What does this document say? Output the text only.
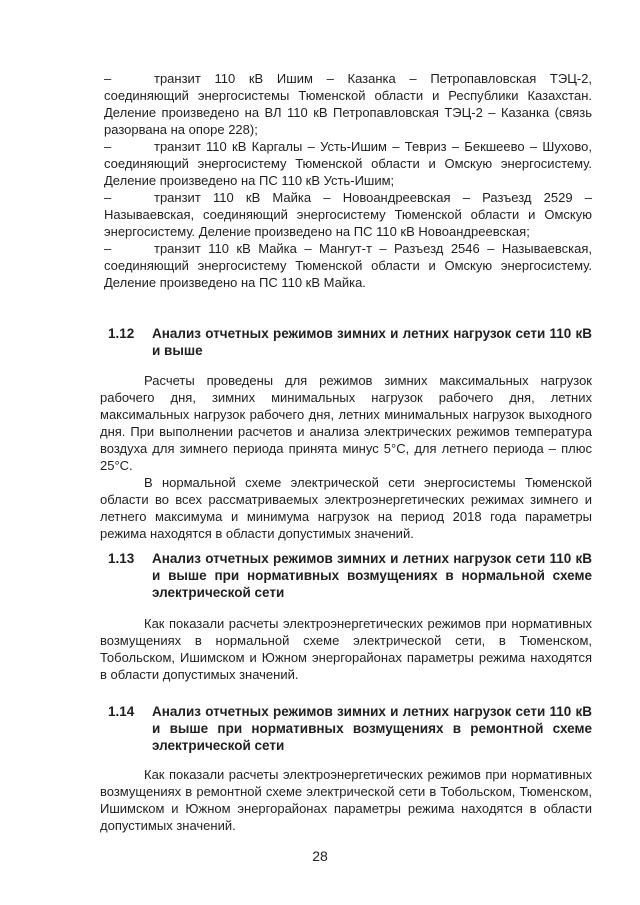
–	транзит 110 кВ Ишим – Казанка – Петропавловская ТЭЦ-2, соединяющий энергосистемы Тюменской области и Республики Казахстан. Деление произведено на ВЛ 110 кВ Петропавловская ТЭЦ-2 – Казанка (связь разорвана на опоре 228);
–	транзит 110 кВ Каргалы – Усть-Ишим – Тевриз – Бекшеево – Шухово, соединяющий энергосистему Тюменской области и Омскую энергосистему. Деление произведено на ПС 110 кВ Усть-Ишим;
–	транзит 110 кВ Майка – Новоандреевская – Разъезд 2529 – Называевская, соединяющий энергосистему Тюменской области и Омскую энергосистему. Деление произведено на ПС 110 кВ Новоандреевская;
–	транзит 110 кВ Майка – Мангут-т – Разъезд 2546 – Называевская, соединяющий энергосистему Тюменской области и Омскую энергосистему. Деление произведено на ПС 110 кВ Майка.
1.12	Анализ отчетных режимов зимних и летних нагрузок сети 110 кВ и выше
Расчеты проведены для режимов зимних максимальных нагрузок рабочего дня, зимних минимальных нагрузок рабочего дня, летних максимальных нагрузок рабочего дня, летних минимальных нагрузок выходного дня. При выполнении расчетов и анализа электрических режимов температура воздуха для зимнего периода принята минус 5°С, для летнего периода – плюс 25°С.
В нормальной схеме электрической сети энергосистемы Тюменской области во всех рассматриваемых электроэнергетических режимах зимнего и летнего максимума и минимума нагрузок на период 2018 года параметры режима находятся в области допустимых значений.
1.13	Анализ отчетных режимов зимних и летних нагрузок сети 110 кВ и выше при нормативных возмущениях в нормальной схеме электрической сети
Как показали расчеты электроэнергетических режимов при нормативных возмущениях в нормальной схеме электрической сети, в Тюменском, Тобольском, Ишимском и Южном энергорайонах параметры режима находятся в области допустимых значений.
1.14	Анализ отчетных режимов зимних и летних нагрузок сети 110 кВ и выше при нормативных возмущениях в ремонтной схеме электрической сети
Как показали расчеты электроэнергетических режимов при нормативных возмущениях в ремонтной схеме электрической сети в Тобольском, Тюменском, Ишимском и Южном энергорайонах параметры режима находятся в области допустимых значений.
28
